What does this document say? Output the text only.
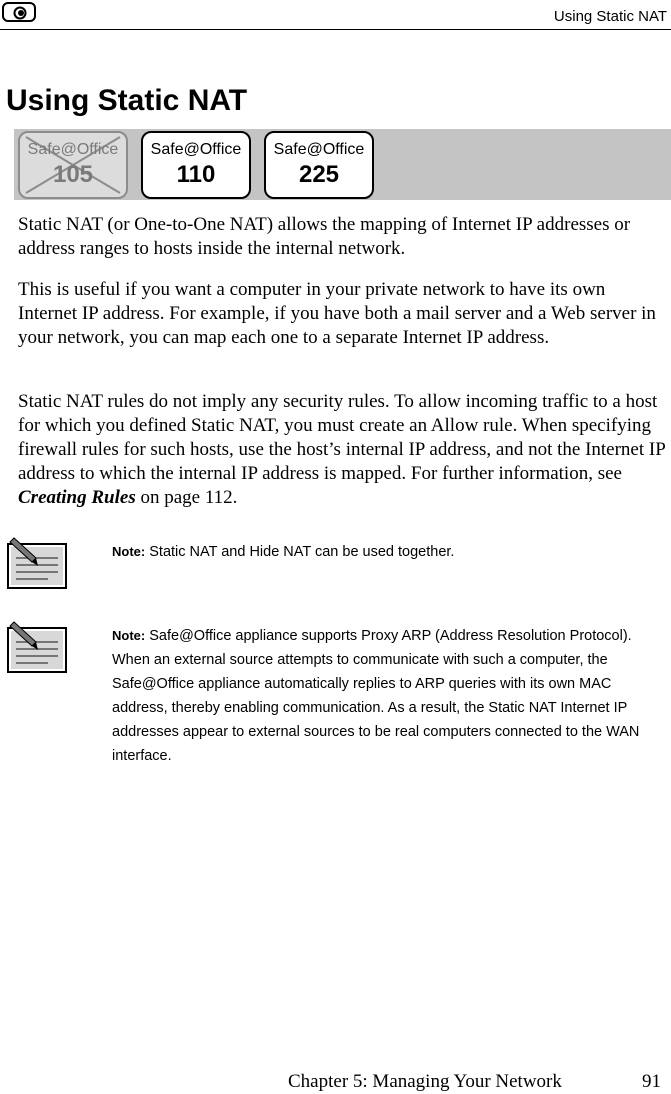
Using Static NAT
Using Static NAT
Safe@Office
105
Safe@Office
110
Safe@Office
225

Static NAT (or One-to-One NAT) allows the mapping of Internet IP addresses or address ranges to hosts inside the internal network.

This is useful if you want a computer in your private network to have its own Internet IP address. For example, if you have both a mail server and a Web server in your network, you can map each one to a separate Internet IP address.

Static NAT rules do not imply any security rules. To allow incoming traffic to a host for which you defined Static NAT, you must create an Allow rule. When specifying firewall rules for such hosts, use the host’s internal IP address, and not the Internet IP address to which the internal IP address is mapped. For further information, see Creating Rules on page 112.

Note: Static NAT and Hide NAT can be used together.

Note: Safe@Office appliance supports Proxy ARP (Address Resolution Protocol). When an external source attempts to communicate with such a computer, the Safe@Office appliance automatically replies to ARP queries with its own MAC address, thereby enabling communication. As a result, the Static NAT Internet IP addresses appear to external sources to be real computers connected to the WAN interface.

Chapter 5: Managing Your Network	91
